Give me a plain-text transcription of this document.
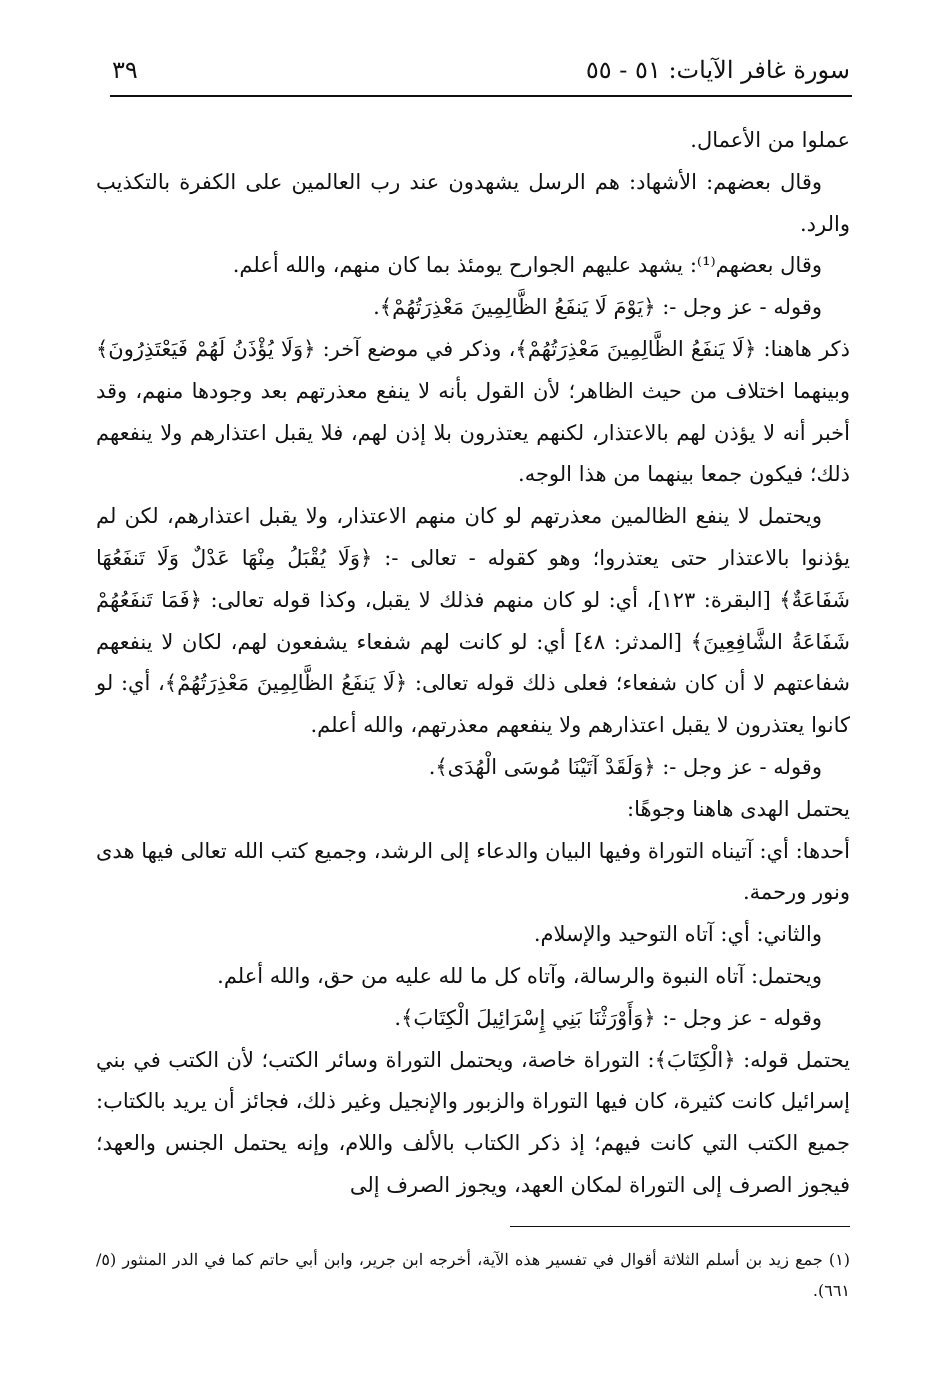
سورة غافر الآيات: ٥١ - ٥٥
٣٩

عملوا من الأعمال.

وقال بعضهم: الأشهاد: هم الرسل يشهدون عند رب العالمين على الكفرة بالتكذيب والرد.

وقال بعضهم⁽¹⁾: يشهد عليهم الجوارح يومئذ بما كان منهم، والله أعلم.

وقوله - عز وجل -: ﴿يَوْمَ لَا يَنفَعُ الظَّالِمِينَ مَعْذِرَتُهُمْ﴾.

ذكر هاهنا: ﴿لَا يَنفَعُ الظَّالِمِينَ مَعْذِرَتُهُمْ﴾، وذكر في موضع آخر: ﴿وَلَا يُؤْذَنُ لَهُمْ فَيَعْتَذِرُونَ﴾ وبينهما اختلاف من حيث الظاهر؛ لأن القول بأنه لا ينفع معذرتهم بعد وجودها منهم، وقد أخبر أنه لا يؤذن لهم بالاعتذار، لكنهم يعتذرون بلا إذن لهم، فلا يقبل اعتذارهم ولا ينفعهم ذلك؛ فيكون جمعا بينهما من هذا الوجه.

ويحتمل لا ينفع الظالمين معذرتهم لو كان منهم الاعتذار، ولا يقبل اعتذارهم، لكن لم يؤذنوا بالاعتذار حتى يعتذروا؛ وهو كقوله - تعالى -: ﴿وَلَا يُقْبَلُ مِنْهَا عَدْلٌ وَلَا تَنفَعُهَا شَفَاعَةٌ﴾ [البقرة: ١٢٣]، أي: لو كان منهم فذلك لا يقبل، وكذا قوله تعالى: ﴿فَمَا تَنفَعُهُمْ شَفَاعَةُ الشَّافِعِينَ﴾ [المدثر: ٤٨] أي: لو كانت لهم شفعاء يشفعون لهم، لكان لا ينفعهم شفاعتهم لا أن كان شفعاء؛ فعلى ذلك قوله تعالى: ﴿لَا يَنفَعُ الظَّالِمِينَ مَعْذِرَتُهُمْ﴾، أي: لو كانوا يعتذرون لا يقبل اعتذارهم ولا ينفعهم معذرتهم، والله أعلم.

وقوله - عز وجل -: ﴿وَلَقَدْ آتَيْنَا مُوسَى الْهُدَى﴾.

يحتمل الهدى هاهنا وجوهًا:

أحدها: أي: آتيناه التوراة وفيها البيان والدعاء إلى الرشد، وجميع كتب الله تعالى فيها هدى ونور ورحمة.

والثاني: أي: آتاه التوحيد والإسلام.

ويحتمل: آتاه النبوة والرسالة، وآتاه كل ما لله عليه من حق، والله أعلم.

وقوله - عز وجل -: ﴿وَأَوْرَثْنَا بَنِي إِسْرَائِيلَ الْكِتَابَ﴾.

يحتمل قوله: ﴿الْكِتَابَ﴾: التوراة خاصة، ويحتمل التوراة وسائر الكتب؛ لأن الكتب في بني إسرائيل كانت كثيرة، كان فيها التوراة والزبور والإنجيل وغير ذلك، فجائز أن يريد بالكتاب: جميع الكتب التي كانت فيهم؛ إذ ذكر الكتاب بالألف واللام، وإنه يحتمل الجنس والعهد؛ فيجوز الصرف إلى التوراة لمكان العهد، ويجوز الصرف إلى

(١) جمع زيد بن أسلم الثلاثة أقوال في تفسير هذه الآية، أخرجه ابن جرير، وابن أبي حاتم كما في الدر المنثور (٥/ ٦٦١).
